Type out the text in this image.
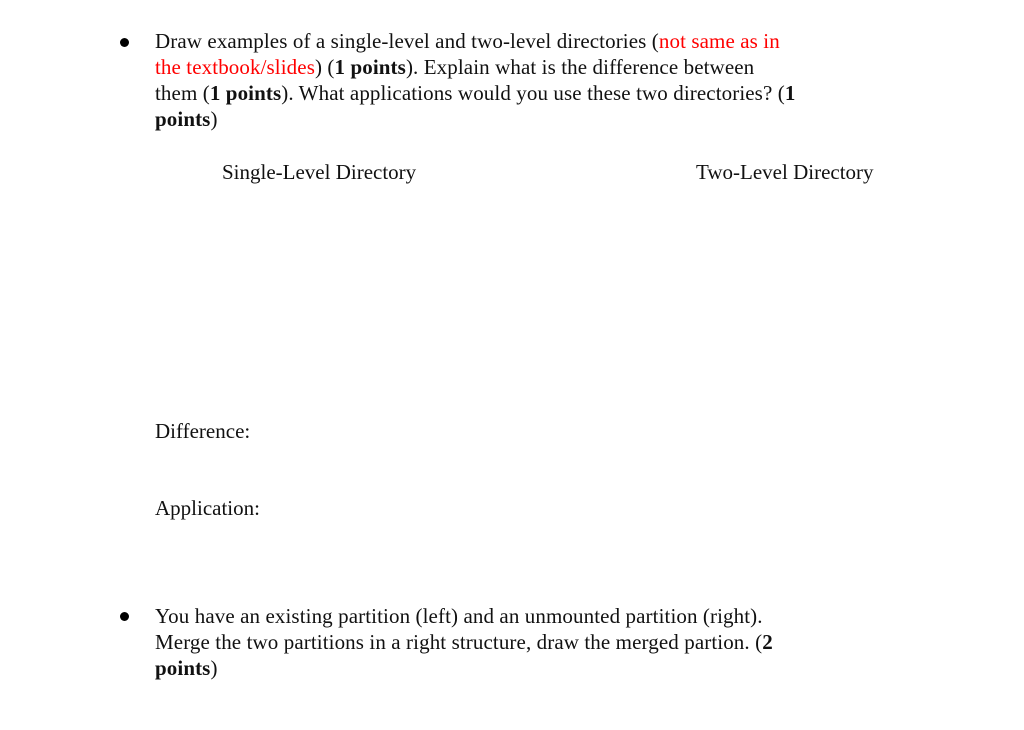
Draw examples of a single-level and two-level directories (not same as in
the textbook/slides) (1 points). Explain what is the difference between
them (1 points). What applications would you use these two directories? (1
points)
Single-Level Directory	Two-Level Directory
Difference:
Application:
You have an existing partition (left) and an unmounted partition (right).
Merge the two partitions in a right structure, draw the merged partion. (2
points)
